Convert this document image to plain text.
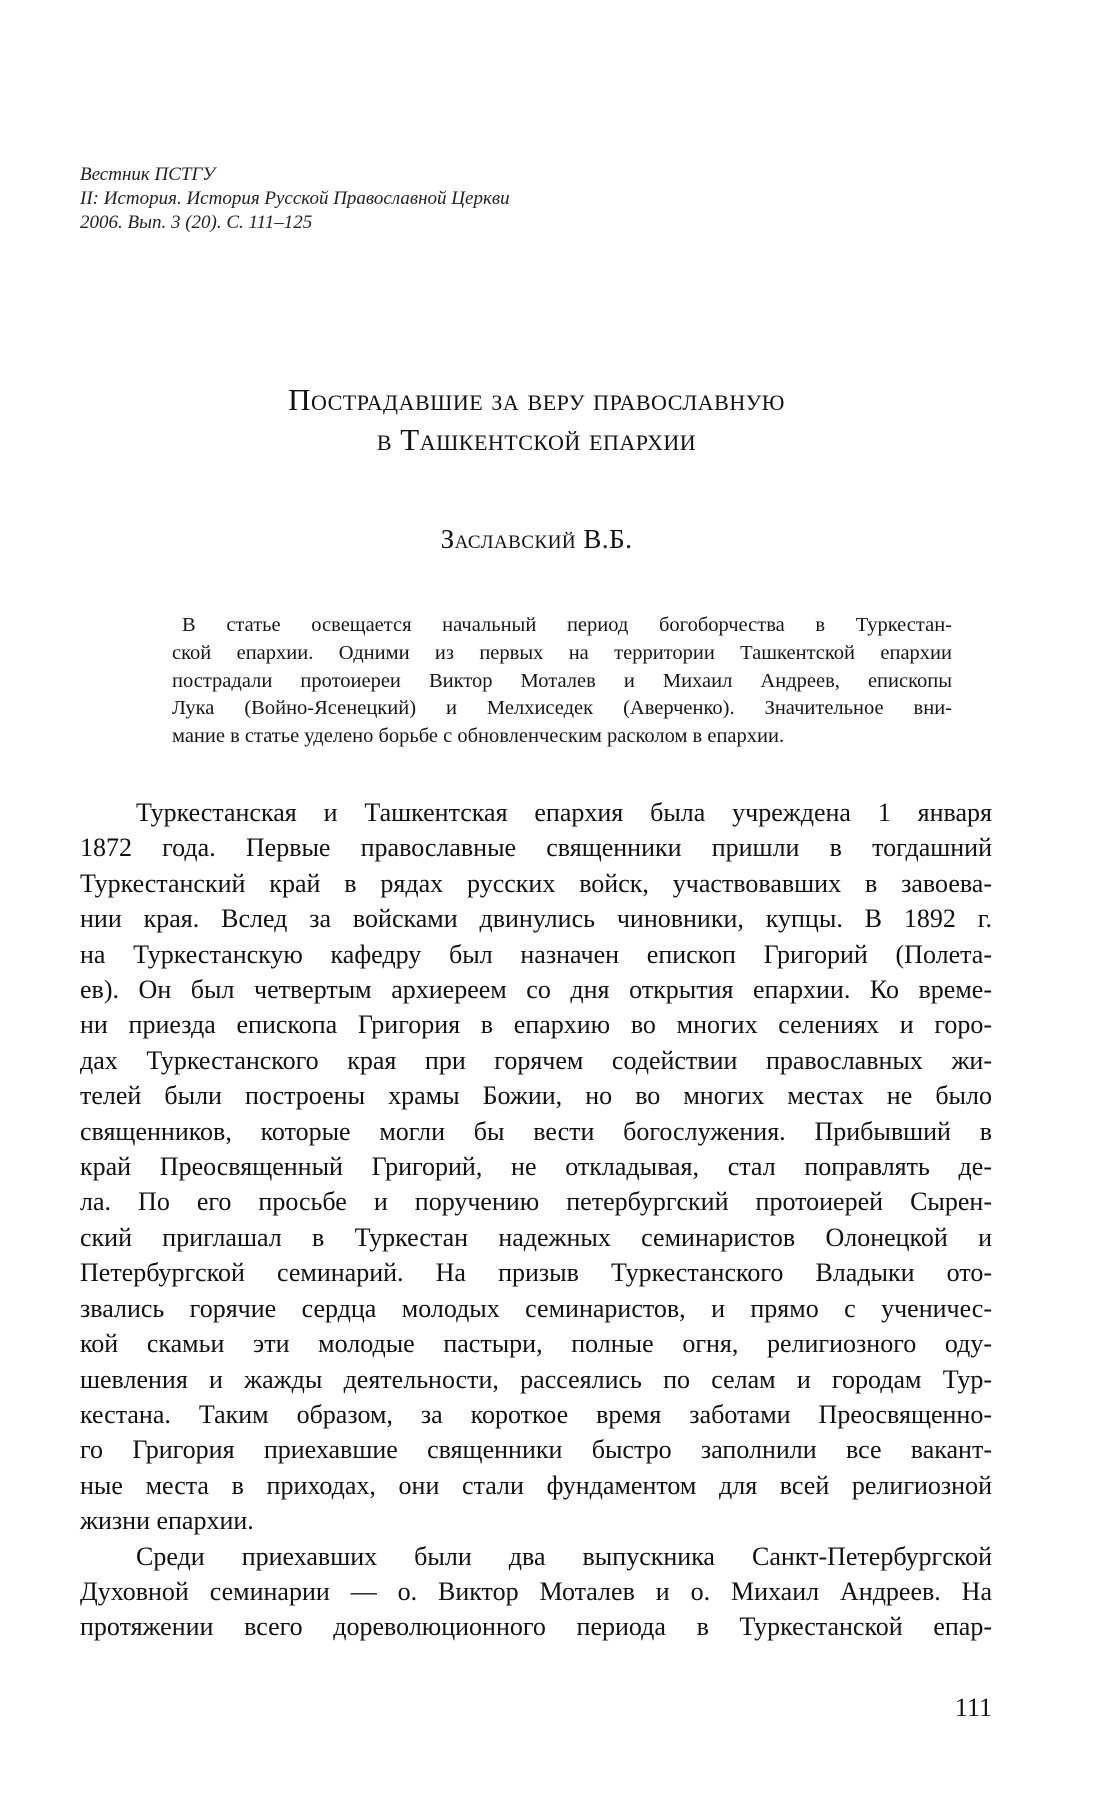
Вестник ПСТГУ
II: История. История Русской Православной Церкви
2006. Вып. 3 (20). С. 111–125
Пострадавшие за веру православную
в Ташкентской епархии
Заславский В.Б.
В статье освещается начальный период богоборчества в Туркестан-
ской епархии. Одними из первых на территории Ташкентской епархии
пострадали протоиереи Виктор Моталев и Михаил Андреев, епископы
Лука (Войно-Ясенецкий) и Мелхиседек (Аверченко). Значительное вни-
мание в статье уделено борьбе с обновленческим расколом в епархии.
Туркестанская и Ташкентская епархия была учреждена 1 января
1872 года. Первые православные священники пришли в тогдашний
Туркестанский край в рядах русских войск, участвовавших в завоева-
нии края. Вслед за войсками двинулись чиновники, купцы. В 1892 г.
на Туркестанскую кафедру был назначен епископ Григорий (Полета-
ев). Он был четвертым архиереем со дня открытия епархии. Ко време-
ни приезда епископа Григория в епархию во многих селениях и горо-
дах Туркестанского края при горячем содействии православных жи-
телей были построены храмы Божии, но во многих местах не было
священников, которые могли бы вести богослужения. Прибывший в
край Преосвященный Григорий, не откладывая, стал поправлять де-
ла. По его просьбе и поручению петербургский протоиерей Сырен-
ский приглашал в Туркестан надежных семинаристов Олонецкой и
Петербургской семинарий. На призыв Туркестанского Владыки ото-
звались горячие сердца молодых семинаристов, и прямо с ученичес-
кой скамьи эти молодые пастыри, полные огня, религиозного оду-
шевления и жажды деятельности, рассеялись по селам и городам Тур-
кестана. Таким образом, за короткое время заботами Преосвященно-
го Григория приехавшие священники быстро заполнили все вакант-
ные места в приходах, они стали фундаментом для всей религиозной
жизни епархии.
Среди приехавших были два выпускника Санкт-Петербургской
Духовной семинарии — о. Виктор Моталев и о. Михаил Андреев. На
протяжении всего дореволюционного периода в Туркестанской епар-
111
